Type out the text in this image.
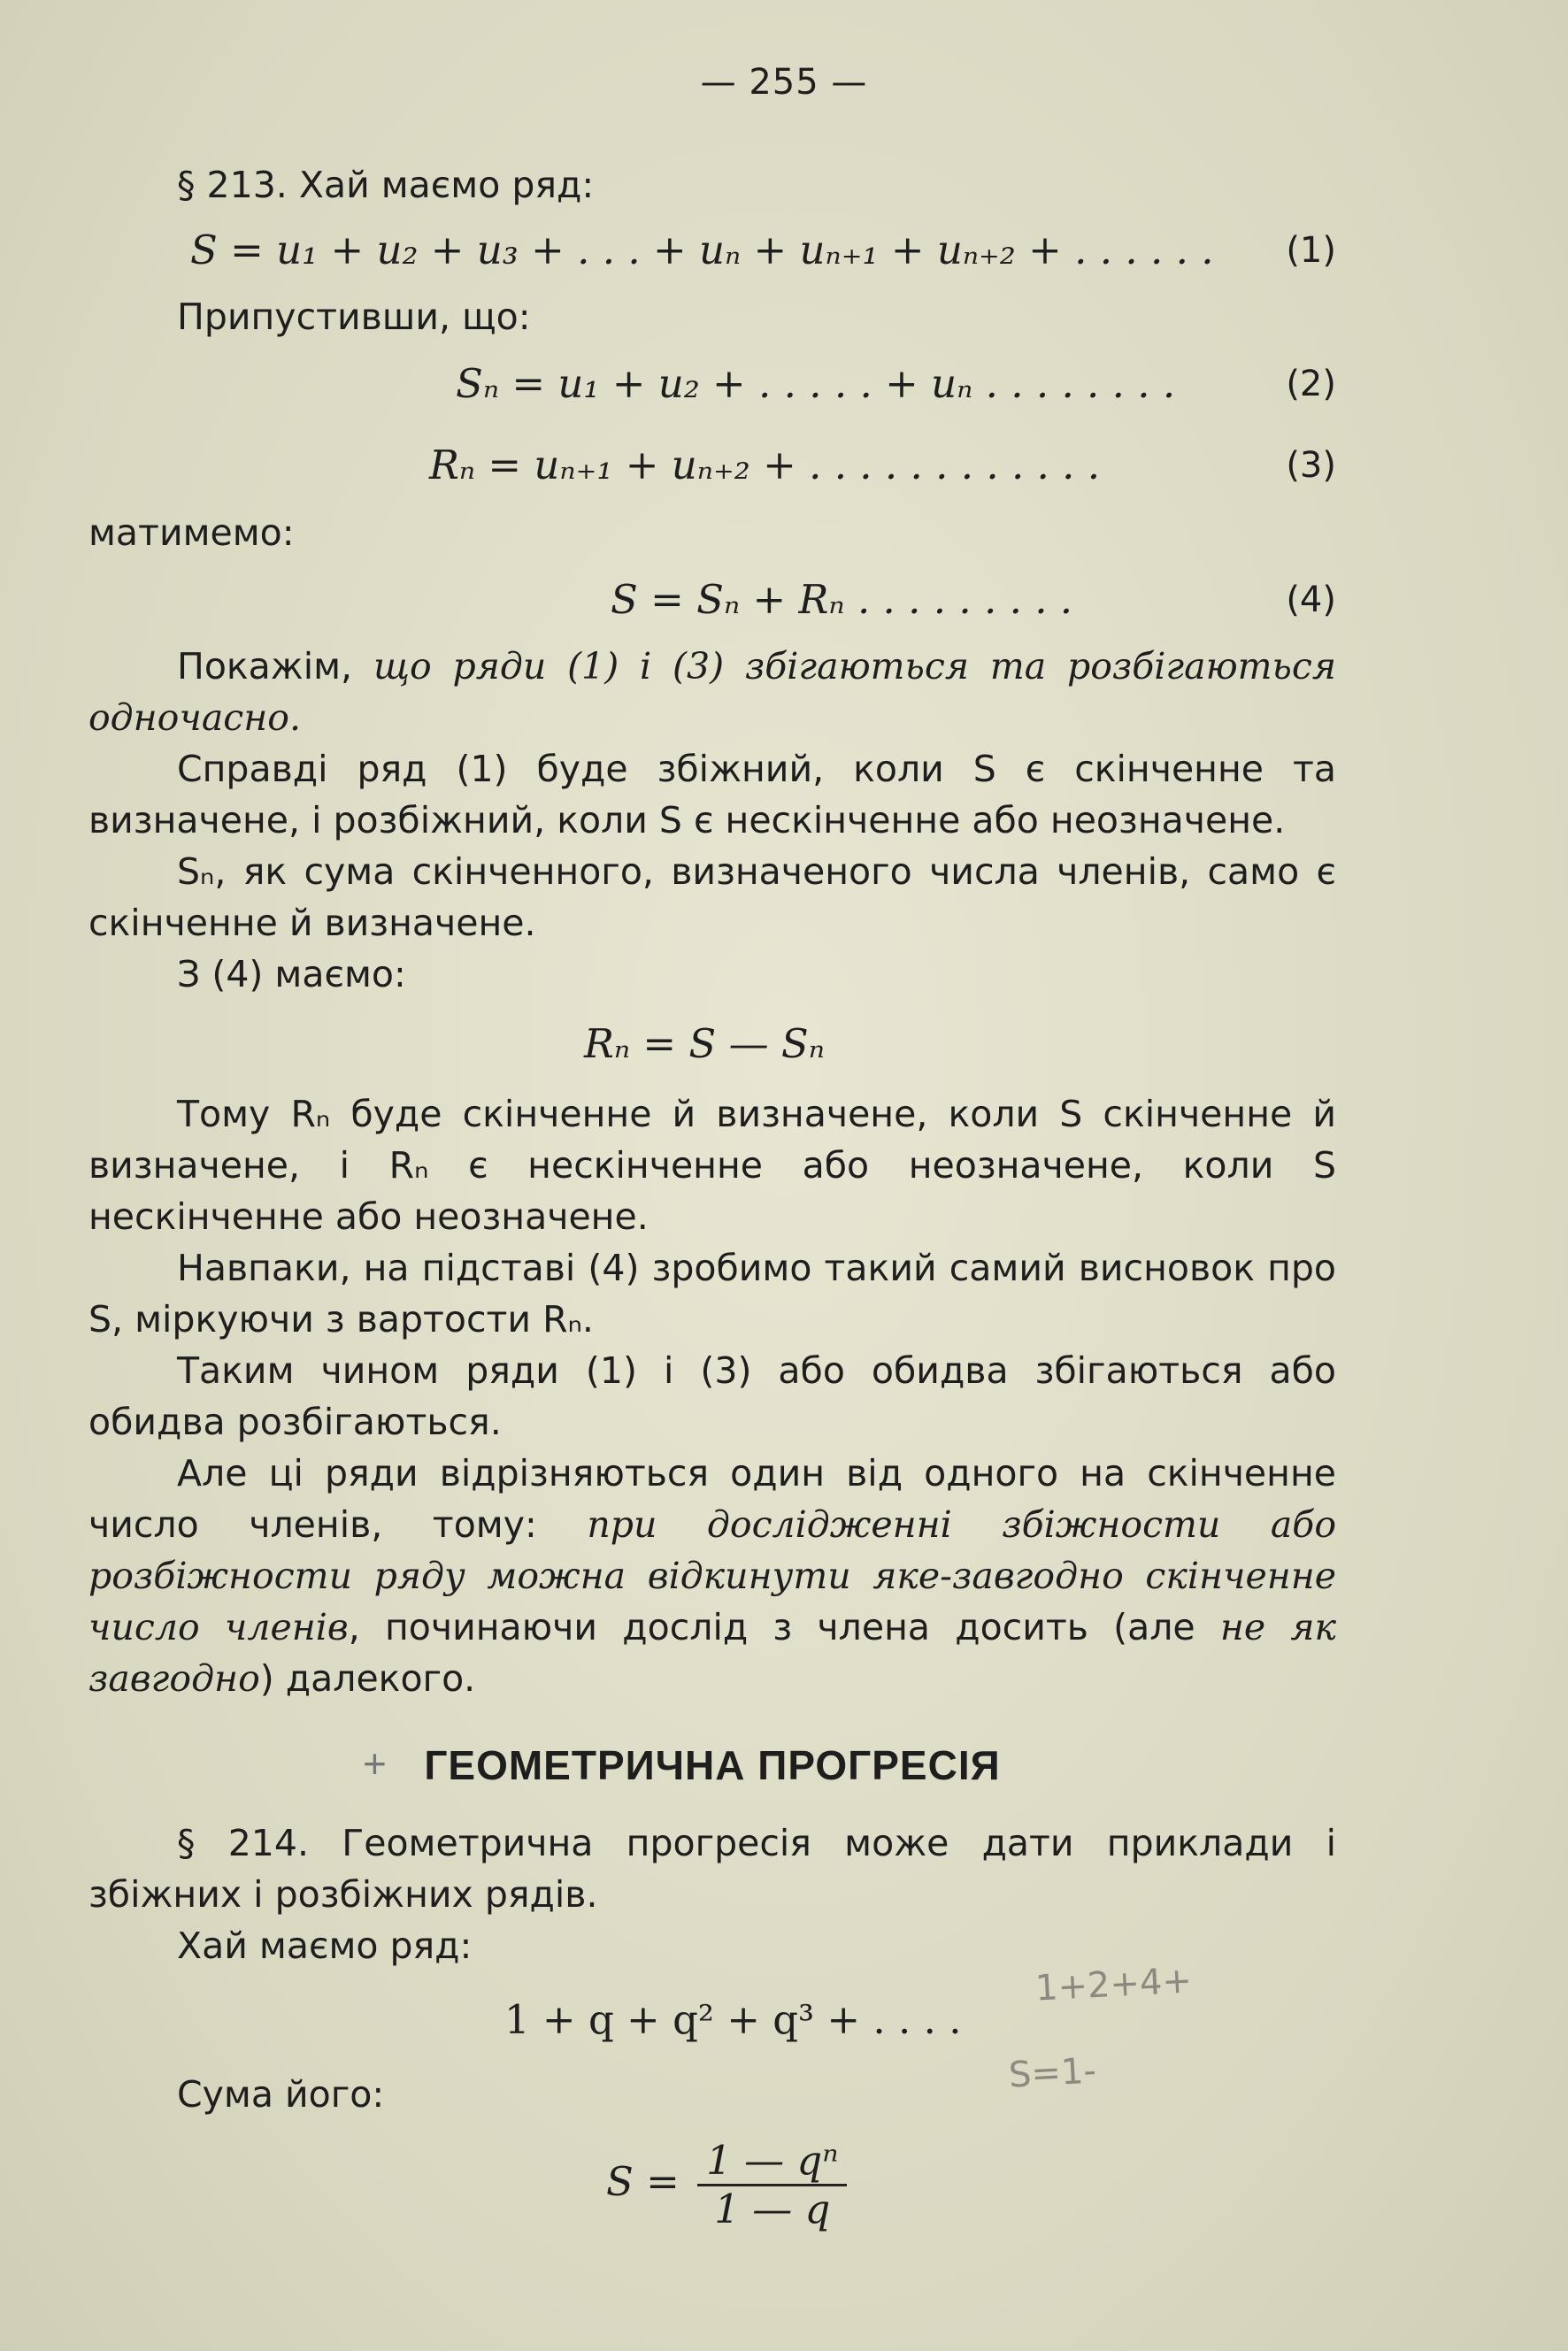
— 255 —

§ 213. Хай маємо ряд:

S = u₁ + u₂ + u₃ + . . . + uₙ + uₙ₊₁ + uₙ₊₂ + . . . . . . (1)

Припустивши, що:

Sₙ = u₁ + u₂ + . . . . . + uₙ . . . . . . . .	(2)
Rₙ = uₙ₊₁ + uₙ₊₂ + . . . . . . . . . . . .	(3)

матимемо:

S = Sₙ + Rₙ . . . . . . . . .	(4)

Покажім, що ряди (1) і (3) збігаються та розбігаються одночасно.

Справді ряд (1) буде збіжний, коли S є скінченне та визначене, і розбіжний, коли S є нескінченне або неозначене.

Sₙ, як сума скінченного, визначеного числа членів, само є скінченне й визначене.

З (4) маємо:

Rₙ = S — Sₙ

Тому Rₙ буде скінченне й визначене, коли S скінченне й визначене, і Rₙ є нескінченне або неозначене, коли S нескінченне або неозначене.

Навпаки, на підставі (4) зробимо такий самий висновок про S, міркуючи з вартости Rₙ.

Таким чином ряди (1) і (3) або обидва збігаються або обидва розбігаються.

Але ці ряди відрізняються один від одного на скінченне число членів, тому: при дослідженні збіжности або розбіжности ряду можна відкинути яке-завгодно скінченне число членів, починаючи дослід з члена досить (але не як завгодно) далекого.

+ ГЕОМЕТРИЧНА ПРОГРЕСІЯ

§ 214. Геометрична прогресія може дати приклади і збіжних і розбіжних рядів.

Хай маємо ряд:

1 + q + q² + q³ + . . . .

Сума його:

$S = \frac{\text{1 — qⁿ}}{1 — q}$
1+2+4+
S=1-
